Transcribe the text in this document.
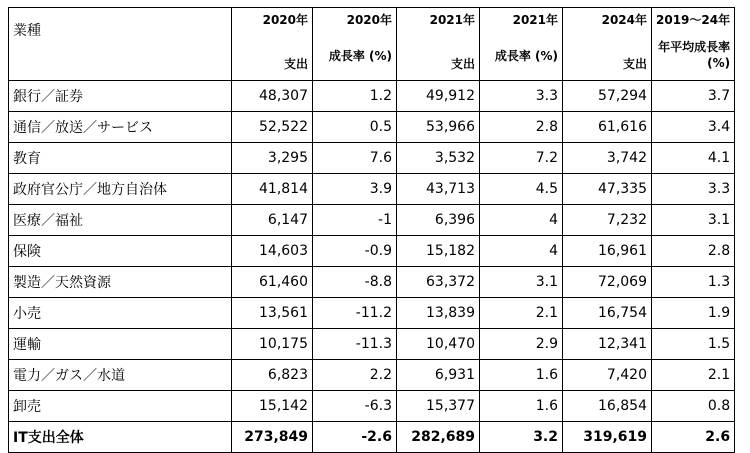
業種	2020年	2020年	2021年	2021年	2024年	2019～24年
	支出	成長率 (%)	支出	成長率 (%)	支出	年平均成長率 (%)
銀行／証券	48,307	1.2	49,912	3.3	57,294	3.7
通信／放送／サービス	52,522	0.5	53,966	2.8	61,616	3.4
教育	3,295	7.6	3,532	7.2	3,742	4.1
政府官公庁／地方自治体	41,814	3.9	43,713	4.5	47,335	3.3
医療／福祉	6,147	-1	6,396	4	7,232	3.1
保険	14,603	-0.9	15,182	4	16,961	2.8
製造／天然資源	61,460	-8.8	63,372	3.1	72,069	1.3
小売	13,561	-11.2	13,839	2.1	16,754	1.9
運輸	10,175	-11.3	10,470	2.9	12,341	1.5
電力／ガス／水道	6,823	2.2	6,931	1.6	7,420	2.1
卸売	15,142	-6.3	15,377	1.6	16,854	0.8
IT支出全体	273,849	-2.6	282,689	3.2	319,619	2.6
